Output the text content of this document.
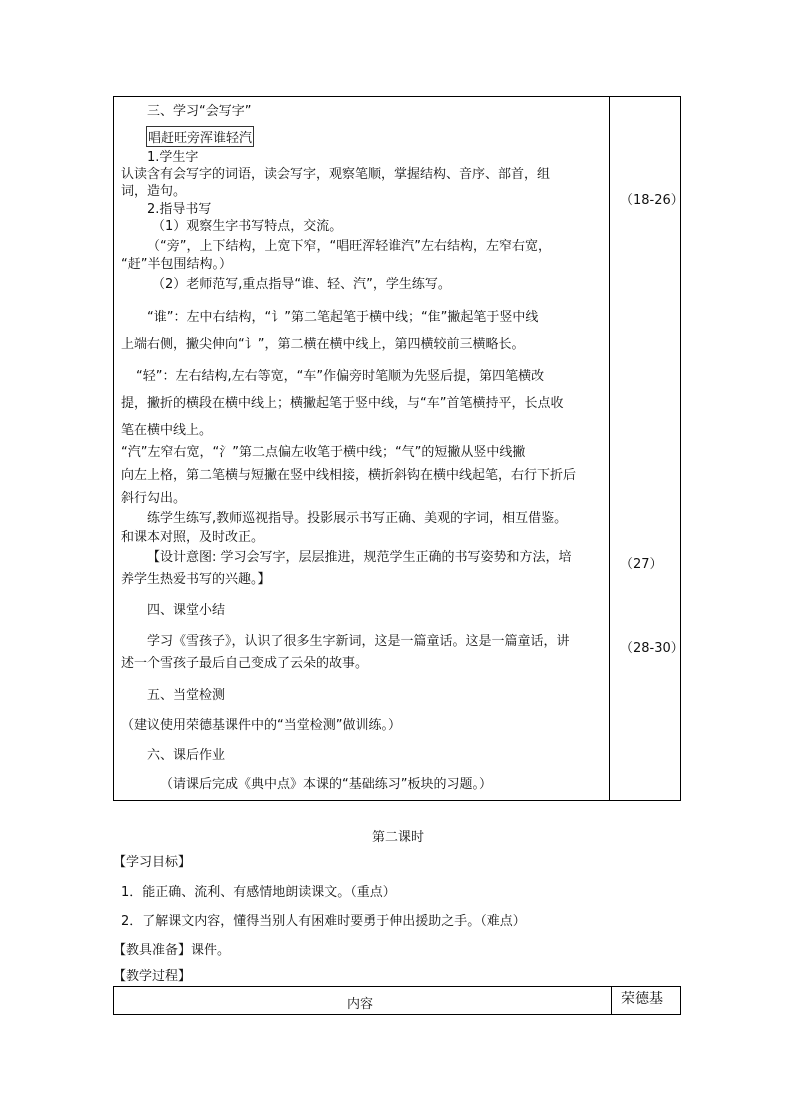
三、学习“会写字”
唱赶旺旁浑谁轻汽
1.学生字
认读含有会写字的词语，读会写字，观察笔顺，掌握结构、音序、部首，组
词，造句。
2.指导书写
（1）观察生字书写特点，交流。
（“旁”，上下结构，上宽下窄，“唱旺浑轻谁汽”左右结构，左窄右宽，
“赶”半包围结构。）
（2）老师范写,重点指导“谁、轻、汽”，学生练写。
“谁”：左中右结构，“讠”第二笔起笔于横中线；“隹”撇起笔于竖中线
上端右侧，撇尖伸向“讠”，第二横在横中线上，第四横较前三横略长。
“轻”：左右结构,左右等宽，“车”作偏旁时笔顺为先竖后提，第四笔横改
提，撇折的横段在横中线上；横撇起笔于竖中线，与“车”首笔横持平，长点收
笔在横中线上。
“汽”左窄右宽，“氵”第二点偏左收笔于横中线；“气”的短撇从竖中线撇
向左上格，第二笔横与短撇在竖中线相接，横折斜钩在横中线起笔，右行下折后
斜行勾出。
练学生练写,教师巡视指导。投影展示书写正确、美观的字词，相互借鉴。
和课本对照，及时改正。
【设计意图: 学习会写字，层层推进，规范学生正确的书写姿势和方法，培
养学生热爱书写的兴趣。】
四、课堂小结
学习《雪孩子》，认识了很多生字新词，这是一篇童话。这是一篇童话，讲
述一个雪孩子最后自己变成了云朵的故事。
五、当堂检测
（建议使用荣德基课件中的“当堂检测”做训练。）
六、课后作业
（请课后完成《典中点》本课的“基础练习”板块的习题。）
（18-26）
（27）
（28-30）
第二课时
【学习目标】
1．能正确、流利、有感情地朗读课文。（重点）
2．了解课文内容，懂得当别人有困难时要勇于伸出援助之手。（难点）
【教具准备】课件。
【教学过程】
内容	荣德基
